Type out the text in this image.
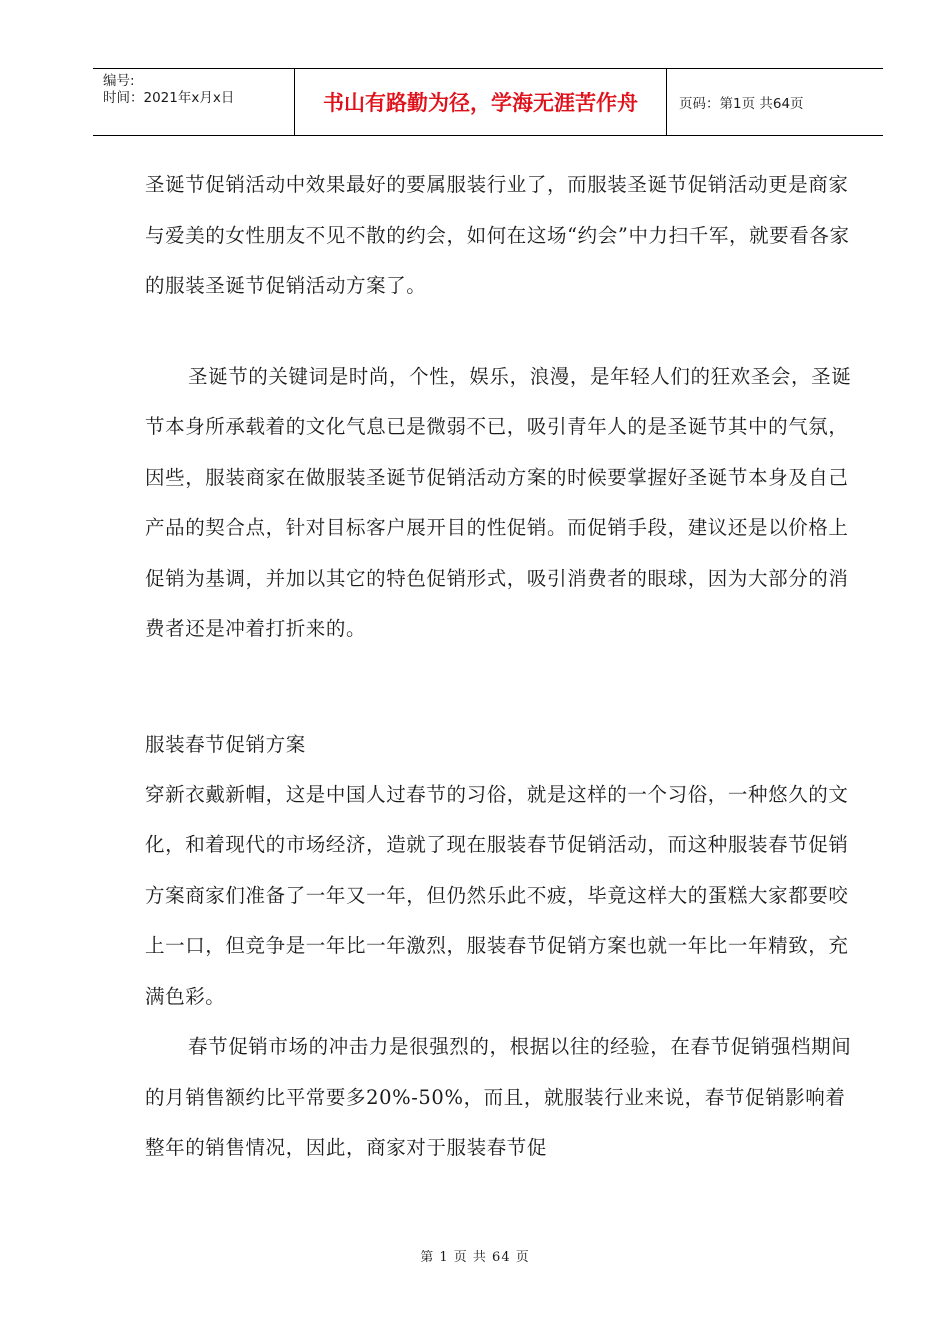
编号:
时间：2021年x月x日	书山有路勤为径，学海无涯苦作舟	页码：第1页 共64页

圣诞节促销活动中效果最好的要属服装行业了，而服装圣诞节促销活动更是商家与爱美的女性朋友不见不散的约会，如何在这场“约会”中力扫千军，就要看各家的服装圣诞节促销活动方案了。

圣诞节的关键词是时尚，个性，娱乐，浪漫，是年轻人们的狂欢圣会，圣诞节本身所承载着的文化气息已是微弱不已，吸引青年人的是圣诞节其中的气氛，因些，服装商家在做服装圣诞节促销活动方案的时候要掌握好圣诞节本身及自己产品的契合点，针对目标客户展开目的性促销。而促销手段，建议还是以价格上促销为基调，并加以其它的特色促销形式，吸引消费者的眼球，因为大部分的消费者还是冲着打折来的。

服装春节促销方案

穿新衣戴新帽，这是中国人过春节的习俗，就是这样的一个习俗，一种悠久的文化，和着现代的市场经济，造就了现在服装春节促销活动，而这种服装春节促销方案商家们准备了一年又一年，但仍然乐此不疲，毕竟这样大的蛋糕大家都要咬上一口，但竞争是一年比一年激烈，服装春节促销方案也就一年比一年精致，充满色彩。

春节促销市场的冲击力是很强烈的，根据以往的经验，在春节促销强档期间的月销售额约比平常要多20%-50%，而且，就服装行业来说，春节促销影响着整年的销售情况，因此，商家对于服装春节促

第 1 页 共 64 页
